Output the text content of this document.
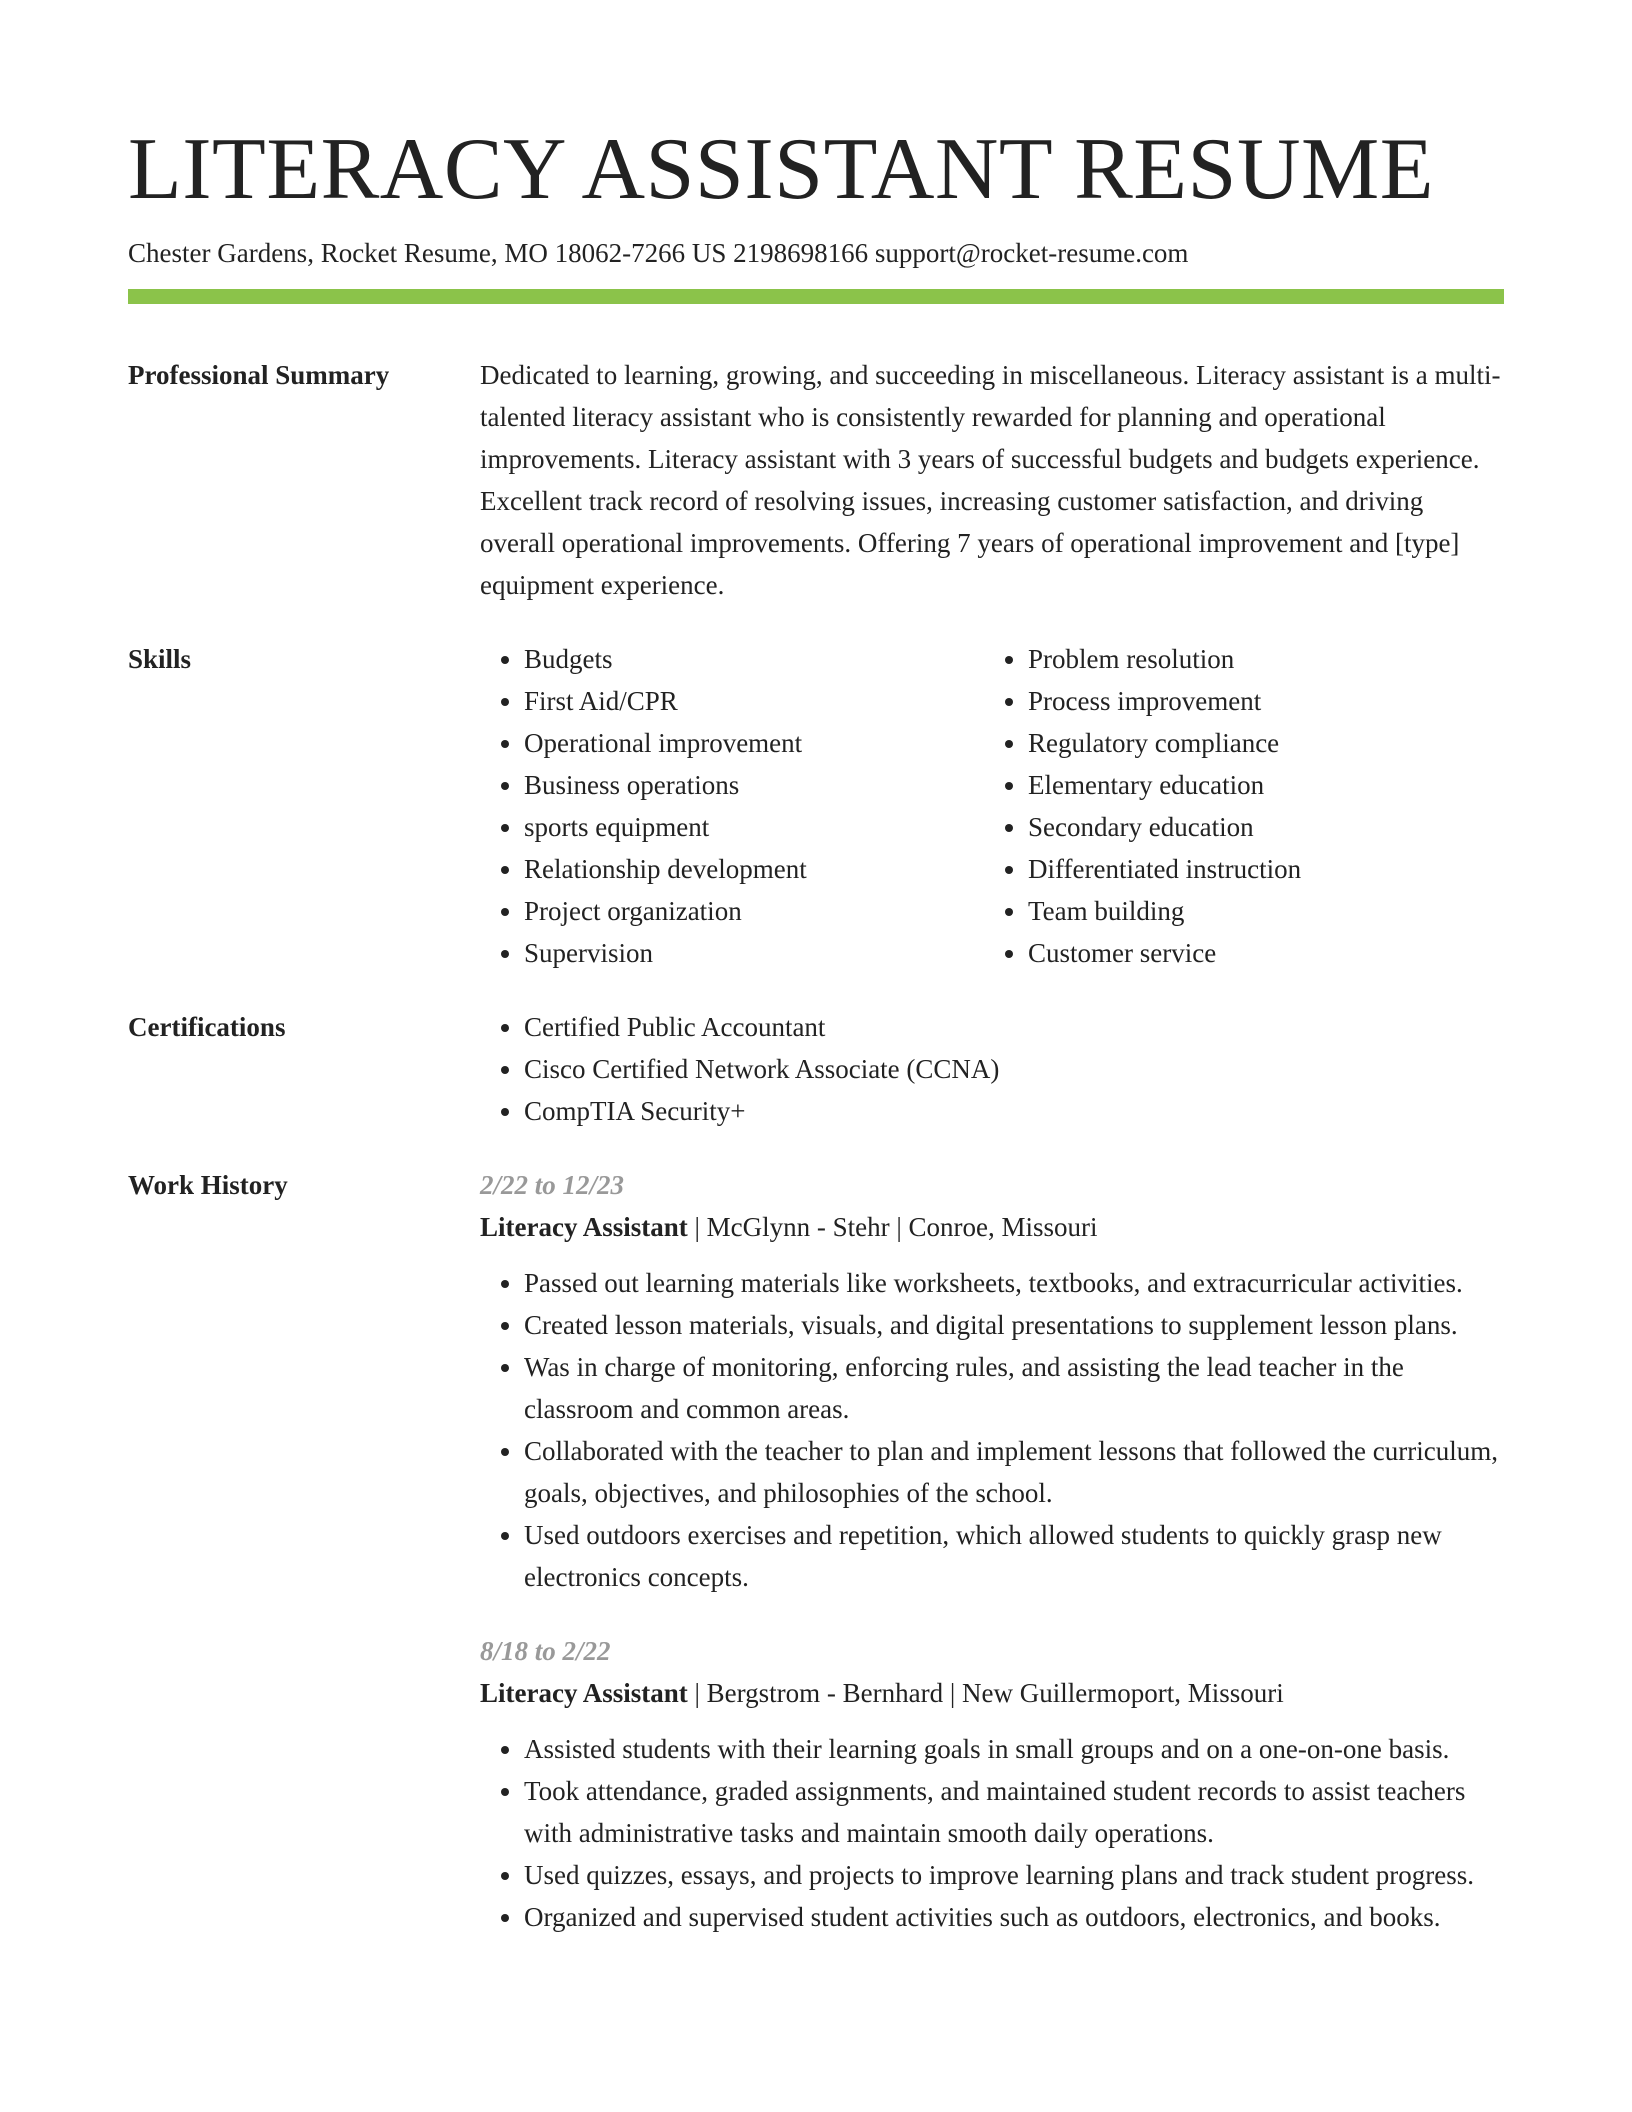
LITERACY ASSISTANT RESUME
Chester Gardens, Rocket Resume, MO 18062-7266 US 2198698166 support@rocket-resume.com
Professional Summary	Dedicated to learning, growing, and succeeding in miscellaneous. Literacy assistant is a multi-talented literacy assistant who is consistently rewarded for planning and operational improvements. Literacy assistant with 3 years of successful budgets and budgets experience. Excellent track record of resolving issues, increasing customer satisfaction, and driving overall operational improvements. Offering 7 years of operational improvement and [type] equipment experience.
Skills	• Budgets
• First Aid/CPR
• Operational improvement
• Business operations
• sports equipment
• Relationship development
• Project organization
• Supervision
• Problem resolution
• Process improvement
• Regulatory compliance
• Elementary education
• Secondary education
• Differentiated instruction
• Team building
• Customer service
Certifications	• Certified Public Accountant
• Cisco Certified Network Associate (CCNA)
• CompTIA Security+
Work History	2/22 to 12/23
Literacy Assistant | McGlynn - Stehr | Conroe, Missouri
• Passed out learning materials like worksheets, textbooks, and extracurricular activities.
• Created lesson materials, visuals, and digital presentations to supplement lesson plans.
• Was in charge of monitoring, enforcing rules, and assisting the lead teacher in the classroom and common areas.
• Collaborated with the teacher to plan and implement lessons that followed the curriculum, goals, objectives, and philosophies of the school.
• Used outdoors exercises and repetition, which allowed students to quickly grasp new electronics concepts.
8/18 to 2/22
Literacy Assistant | Bergstrom - Bernhard | New Guillermoport, Missouri
• Assisted students with their learning goals in small groups and on a one-on-one basis.
• Took attendance, graded assignments, and maintained student records to assist teachers with administrative tasks and maintain smooth daily operations.
• Used quizzes, essays, and projects to improve learning plans and track student progress.
• Organized and supervised student activities such as outdoors, electronics, and books.
